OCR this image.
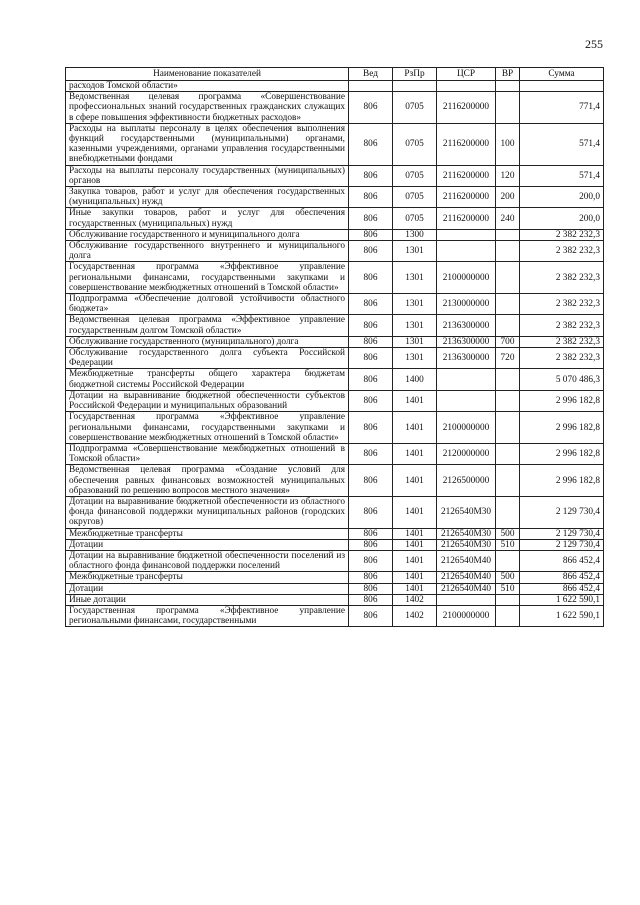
255
Наименование показателей	Вед	РзПр	ЦСР	ВР	Сумма
расходов Томской области»					
Ведомственная целевая программа «Совершенствование профессиональных знаний государственных гражданских служащих в сфере повышения эффективности бюджетных расходов»	806	0705	2116200000		771,4
Расходы на выплаты персоналу в целях обеспечения выполнения функций государственными (муниципальными) органами, казенными учреждениями, органами управления государственными внебюджетными фондами	806	0705	2116200000	100	571,4
Расходы на выплаты персоналу государственных (муниципальных) органов	806	0705	2116200000	120	571,4
Закупка товаров, работ и услуг для обеспечения государственных (муниципальных) нужд	806	0705	2116200000	200	200,0
Иные закупки товаров, работ и услуг для обеспечения государственных (муниципальных) нужд	806	0705	2116200000	240	200,0
Обслуживание государственного и муниципального долга	806	1300			2 382 232,3
Обслуживание государственного внутреннего и муниципального долга	806	1301			2 382 232,3
Государственная программа «Эффективное управление региональными финансами, государственными закупками и совершенствование межбюджетных отношений в Томской области»	806	1301	2100000000		2 382 232,3
Подпрограмма «Обеспечение долговой устойчивости областного бюджета»	806	1301	2130000000		2 382 232,3
Ведомственная целевая программа «Эффективное управление государственным долгом Томской области»	806	1301	2136300000		2 382 232,3
Обслуживание государственного (муниципального) долга	806	1301	2136300000	700	2 382 232,3
Обслуживание государственного долга субъекта Российской Федерации	806	1301	2136300000	720	2 382 232,3
Межбюджетные трансферты общего характера бюджетам бюджетной системы Российской Федерации	806	1400			5 070 486,3
Дотации на выравнивание бюджетной обеспеченности субъектов Российской Федерации и муниципальных образований	806	1401			2 996 182,8
Государственная программа «Эффективное управление региональными финансами, государственными закупками и совершенствование межбюджетных отношений в Томской области»	806	1401	2100000000		2 996 182,8
Подпрограмма «Совершенствование межбюджетных отношений в Томской области»	806	1401	2120000000		2 996 182,8
Ведомственная целевая программа «Создание условий для обеспечения равных финансовых возможностей муниципальных образований по решению вопросов местного значения»	806	1401	2126500000		2 996 182,8
Дотации на выравнивание бюджетной обеспеченности из областного фонда финансовой поддержки муниципальных районов (городских округов)	806	1401	2126540М30		2 129 730,4
Межбюджетные трансферты	806	1401	2126540М30	500	2 129 730,4
Дотации	806	1401	2126540М30	510	2 129 730,4
Дотации на выравнивание бюджетной обеспеченности поселений из областного фонда финансовой поддержки поселений	806	1401	2126540М40		866 452,4
Межбюджетные трансферты	806	1401	2126540М40	500	866 452,4
Дотации	806	1401	2126540М40	510	866 452,4
Иные дотации	806	1402			1 622 590,1
Государственная программа «Эффективное управление региональными финансами, государственными	806	1402	2100000000		1 622 590,1
